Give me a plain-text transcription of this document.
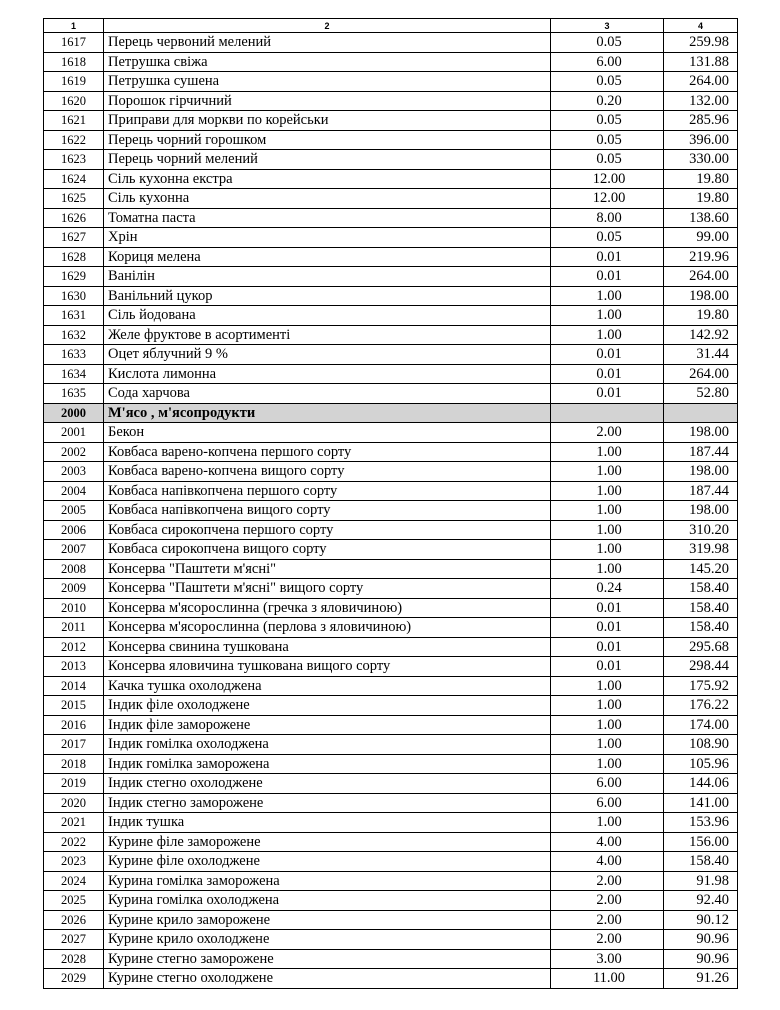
1	2	3	4
1617	Перець червоний мелений	0.05	259.98
1618	Петрушка свіжа	6.00	131.88
1619	Петрушка сушена	0.05	264.00
1620	Порошок гірчичний	0.20	132.00
1621	Приправи для моркви по корейськи	0.05	285.96
1622	Перець чорний горошком	0.05	396.00
1623	Перець чорний мелений	0.05	330.00
1624	Сіль кухонна екстра	12.00	19.80
1625	Сіль кухонна	12.00	19.80
1626	Томатна паста	8.00	138.60
1627	Хрін	0.05	99.00
1628	Кориця мелена	0.01	219.96
1629	Ванілін	0.01	264.00
1630	Ванільний цукор	1.00	198.00
1631	Сіль йодована	1.00	19.80
1632	Желе фруктове в асортименті	1.00	142.92
1633	Оцет яблучний 9 %	0.01	31.44
1634	Кислота лимонна	0.01	264.00
1635	Сода харчова	0.01	52.80
2000	М'ясо , м'ясопродукти		
2001	Бекон	2.00	198.00
2002	Ковбаса варено-копчена першого сорту	1.00	187.44
2003	Ковбаса варено-копчена вищого сорту	1.00	198.00
2004	Ковбаса напівкопчена першого сорту	1.00	187.44
2005	Ковбаса напівкопчена вищого сорту	1.00	198.00
2006	Ковбаса сирокопчена першого сорту	1.00	310.20
2007	Ковбаса сирокопчена вищого сорту	1.00	319.98
2008	Консерва "Паштети м'ясні"	1.00	145.20
2009	Консерва "Паштети м'ясні" вищого сорту	0.24	158.40
2010	Консерва м'ясорослинна (гречка з яловичиною)	0.01	158.40
2011	Консерва м'ясорослинна (перлова з яловичиною)	0.01	158.40
2012	Консерва свинина тушкована	0.01	295.68
2013	Консерва яловичина тушкована вищого сорту	0.01	298.44
2014	Качка тушка охолоджена	1.00	175.92
2015	Індик філе охолоджене	1.00	176.22
2016	Індик філе заморожене	1.00	174.00
2017	Індик гомілка охолоджена	1.00	108.90
2018	Індик гомілка заморожена	1.00	105.96
2019	Індик стегно охолоджене	6.00	144.06
2020	Індик стегно заморожене	6.00	141.00
2021	Індик тушка	1.00	153.96
2022	Курине філе заморожене	4.00	156.00
2023	Курине філе охолоджене	4.00	158.40
2024	Курина гомілка заморожена	2.00	91.98
2025	Курина гомілка охолоджена	2.00	92.40
2026	Курине крило заморожене	2.00	90.12
2027	Курине крило охолоджене	2.00	90.96
2028	Курине стегно заморожене	3.00	90.96
2029	Курине стегно охолоджене	11.00	91.26
